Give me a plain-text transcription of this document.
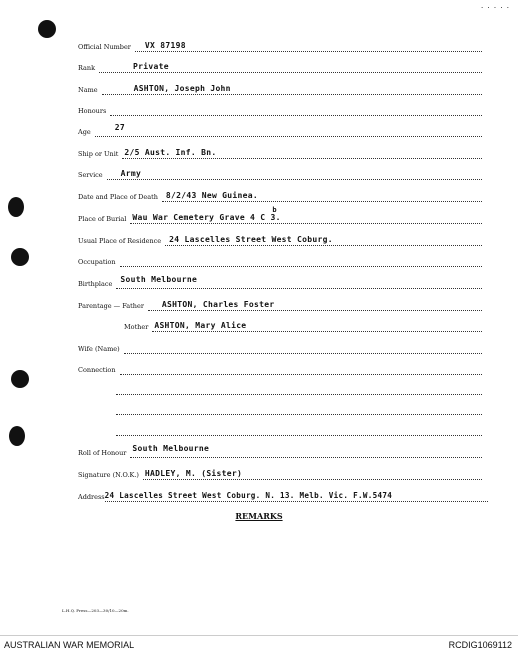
· · · · ·
Official Number VX 87198
Rank	Private
Name	ASHTON, Joseph John
Honours
Age	27
Ship or Unit 2/5 Aust. Inf. Bn.
Service Army
Date and Place of Death 8/2/43 New Guinea.
Place of Burial Wau War Cemetery Grave 4 C 3.
b
Usual Place of Residence 24 Lascelles Street West Coburg.
Occupation
Birthplace South Melbourne
Parentage — Father ASHTON, Charles Foster
Mother ASHTON, Mary Alice
Wife (Name)
Connection
Roll of Honour South Melbourne
Signature (N.O.K.) HADLEY, M. (Sister)
Address 24 Lascelles Street West Coburg. N. 13. Melb. Vic. F.W.5474
REMARKS
L.H.Q. Press—203—30/10—20m.
AUSTRALIAN WAR MEMORIAL	RCDIG1069112
